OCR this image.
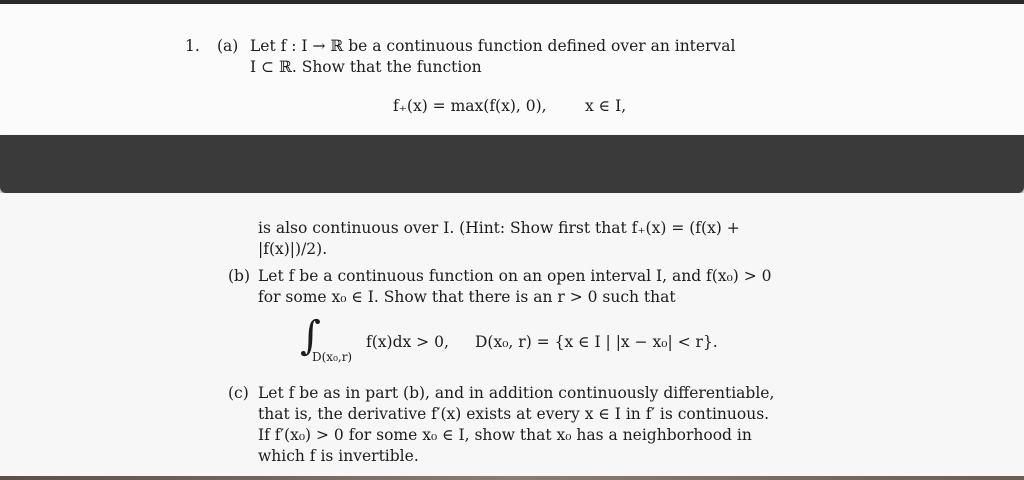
1. (a) Let f : I → ℝ be a continuous function defined over an interval
I ⊂ ℝ. Show that the function
f₊(x) = max(f(x), 0), x ∈ I,
is also continuous over I. (Hint: Show first that f₊(x) = (f(x) +
|f(x)|)/2).
(b) Let f be a continuous function on an open interval I, and f(x₀) > 0
for some x₀ ∈ I. Show that there is an r > 0 such that
∫
D(x₀,r)
f(x)dx > 0, D(x₀, r) = {x ∈ I | |x − x₀| < r}.
(c) Let f be as in part (b), and in addition continuously differentiable,
that is, the derivative f′(x) exists at every x ∈ I in f′ is continuous.
If f′(x₀) > 0 for some x₀ ∈ I, show that x₀ has a neighborhood in
which f is invertible.
